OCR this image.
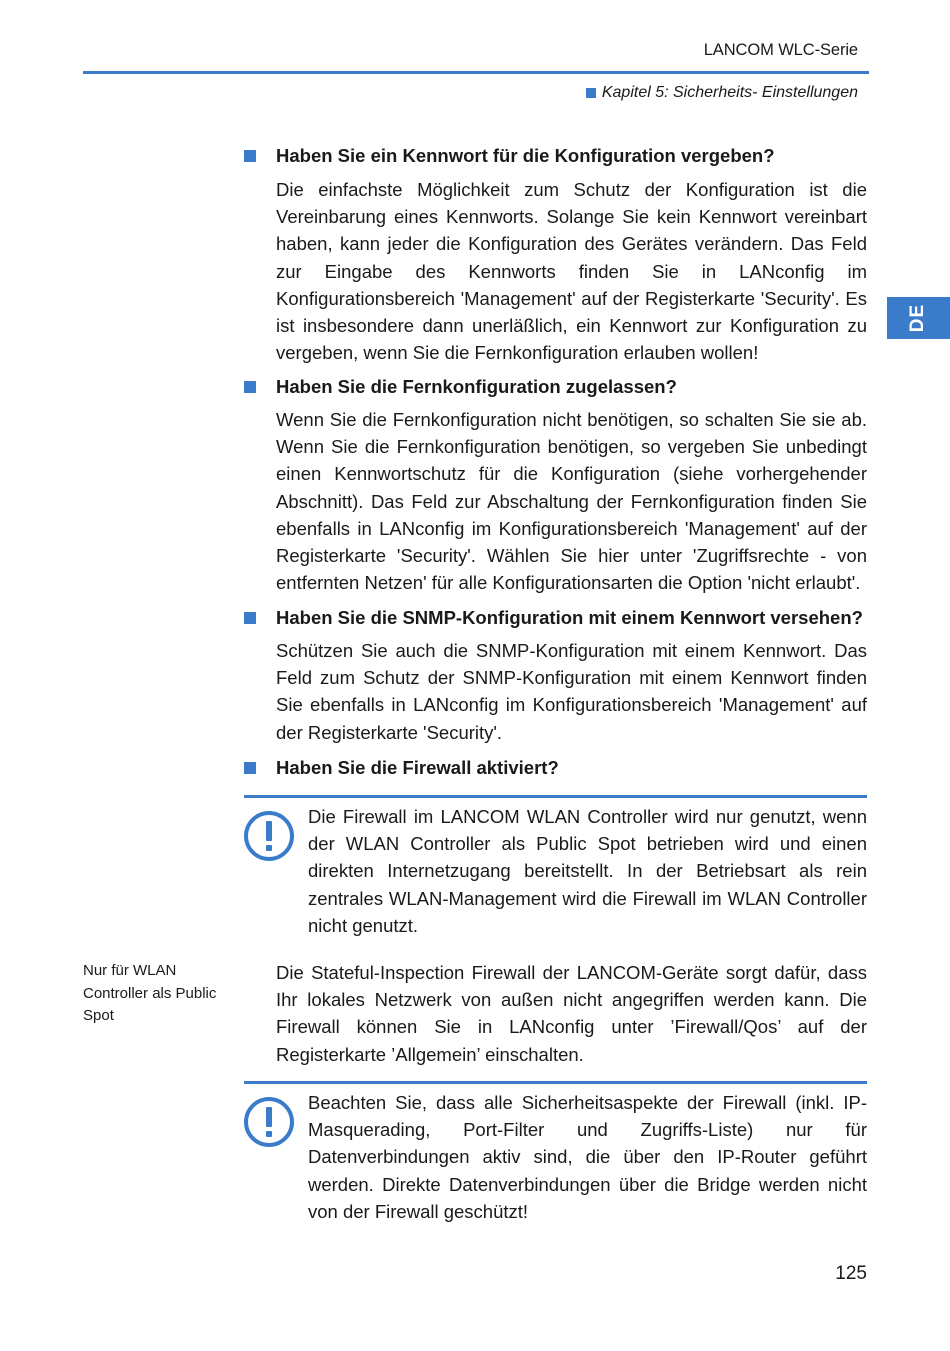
LANCOM WLC-Serie
Kapitel 5: Sicherheits- Einstellungen
DE
Haben Sie ein Kennwort für die Konfiguration vergeben?

Die einfachste Möglichkeit zum Schutz der Konfiguration ist die Vereinbarung eines Kennworts. Solange Sie kein Kennwort vereinbart haben, kann jeder die Konfiguration des Gerätes verändern. Das Feld zur Eingabe des Kennworts finden Sie in LANconfig im Konfigurationsbereich 'Management' auf der Registerkarte 'Security'. Es ist insbesondere dann unerläßlich, ein Kennwort zur Konfiguration zu vergeben, wenn Sie die Fernkonfiguration erlauben wollen!

Haben Sie die Fernkonfiguration zugelassen?

Wenn Sie die Fernkonfiguration nicht benötigen, so schalten Sie sie ab. Wenn Sie die Fernkonfiguration benötigen, so vergeben Sie unbedingt einen Kennwortschutz für die Konfiguration (siehe vorhergehender Abschnitt). Das Feld zur Abschaltung der Fernkonfiguration finden Sie ebenfalls in LANconfig im Konfigurationsbereich 'Management' auf der Registerkarte 'Security'. Wählen Sie hier unter 'Zugriffsrechte - von entfernten Netzen' für alle Konfigurationsarten die Option 'nicht erlaubt'.

Haben Sie die SNMP-Konfiguration mit einem Kennwort versehen?

Schützen Sie auch die SNMP-Konfiguration mit einem Kennwort. Das Feld zum Schutz der SNMP-Konfiguration mit einem Kennwort finden Sie ebenfalls in LANconfig im Konfigurationsbereich 'Management' auf der Registerkarte 'Security'.

Haben Sie die Firewall aktiviert?

Die Firewall im LANCOM WLAN Controller wird nur genutzt, wenn der WLAN Controller als Public Spot betrieben wird und einen direkten Internetzugang bereitstellt. In der Betriebsart als rein zentrales WLAN-Management wird die Firewall im WLAN Controller nicht genutzt.

Nur für WLAN Controller als Public Spot

Die Stateful-Inspection Firewall der LANCOM-Geräte sorgt dafür, dass Ihr lokales Netzwerk von außen nicht angegriffen werden kann. Die Firewall können Sie in LANconfig unter ’Firewall/Qos’ auf der Registerkarte ’Allgemein’ einschalten.

Beachten Sie, dass alle Sicherheitsaspekte der Firewall (inkl. IP-Masquerading, Port-Filter und Zugriffs-Liste) nur für Datenverbindungen aktiv sind, die über den IP-Router geführt werden. Direkte Datenverbindungen über die Bridge werden nicht von der Firewall geschützt!

125
